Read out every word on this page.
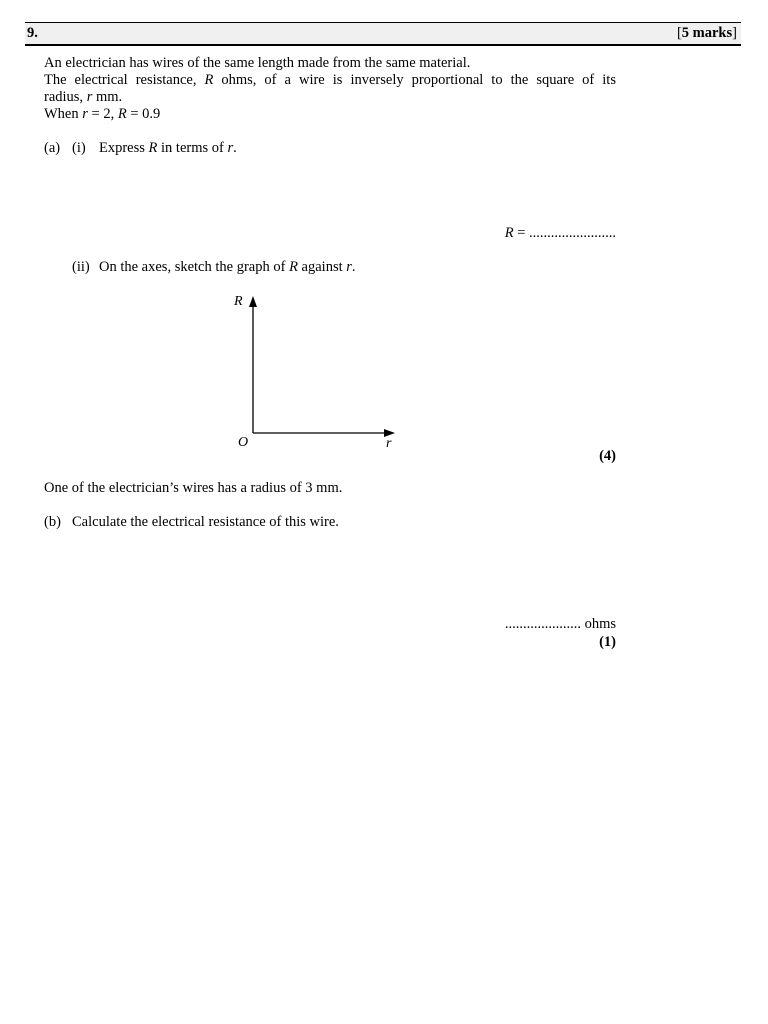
9.	[5 marks]
An electrician has wires of the same length made from the same material.
The electrical resistance, R ohms, of a wire is inversely proportional to the square of its
radius, r mm.
When r = 2, R = 0.9
(a) (i) Express R in terms of r.
R = ........................
(ii) On the axes, sketch the graph of R against r.
R
r
O
(4)
One of the electrician’s wires has a radius of 3 mm.
(b) Calculate the electrical resistance of this wire.
..................... ohms
(1)
